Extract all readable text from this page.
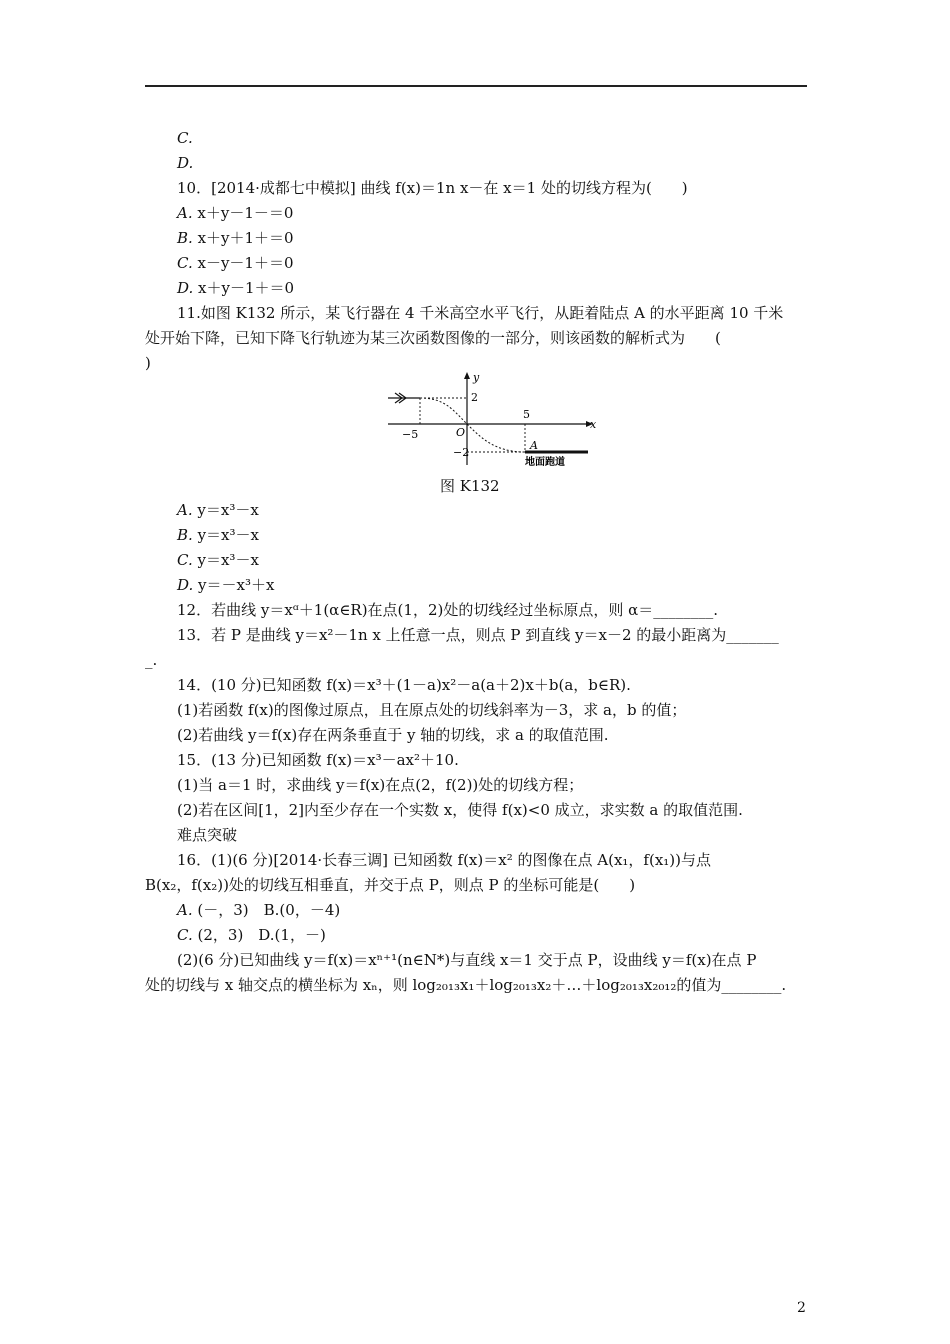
C.
D.
10．[2014·成都七中模拟] 曲线 f(x)＝1n x－在 x＝1 处的切线方程为(　　)
A. x＋y－1－＝0
B. x＋y＋1＋＝0
C. x－y－1＋＝0
D. x＋y－1＋＝0
11.如图 K132 所示，某飞行器在 4 千米高空水平飞行，从距着陆点 A 的水平距离 10 千米
处开始下降，已知下降飞行轨迹为某三次函数图像的一部分，则该函数的解析式为　　(
)
y
x
2
−2
−5
5
O
A
地面跑道
图 K132
A. y＝x³－x
B. y＝x³－x
C. y＝x³－x
D. y＝－x³＋x
12．若曲线 y＝xᵅ＋1(α∈R)在点(1，2)处的切线经过坐标原点，则 α＝________.
13．若 P 是曲线 y＝x²－1n x 上任意一点，则点 P 到直线 y＝x－2 的最小距离为_______
_.
14．(10 分)已知函数 f(x)＝x³＋(1－a)x²－a(a＋2)x＋b(a，b∈R).
(1)若函数 f(x)的图像过原点，且在原点处的切线斜率为－3，求 a，b 的值；
(2)若曲线 y＝f(x)存在两条垂直于 y 轴的切线，求 a 的取值范围.
15．(13 分)已知函数 f(x)＝x³－ax²＋10.
(1)当 a＝1 时，求曲线 y＝f(x)在点(2，f(2))处的切线方程；
(2)若在区间[1，2]内至少存在一个实数 x，使得 f(x)<0 成立，求实数 a 的取值范围.
难点突破
16．(1)(6 分)[2014·长春三调] 已知函数 f(x)＝x² 的图像在点 A(x₁，f(x₁))与点
B(x₂，f(x₂))处的切线互相垂直，并交于点 P，则点 P 的坐标可能是(　　)
A. (－，3)　B.(0，－4)
C. (2，3)　D.(1，－)
(2)(6 分)已知曲线 y＝f(x)＝xⁿ⁺¹(n∈N*)与直线 x＝1 交于点 P，设曲线 y＝f(x)在点 P
处的切线与 x 轴交点的横坐标为 xₙ，则 log₂₀₁₃x₁＋log₂₀₁₃x₂＋…＋log₂₀₁₃x₂₀₁₂的值为________.
2
